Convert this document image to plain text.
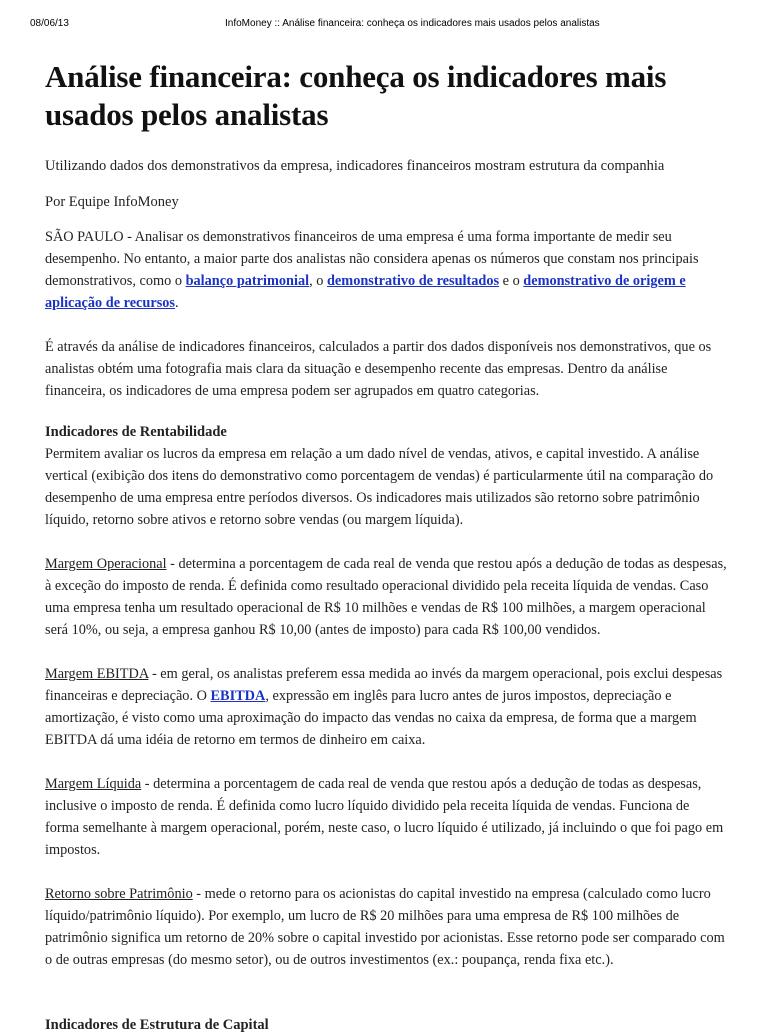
08/06/13	InfoMoney :: Análise financeira: conheça os indicadores mais usados pelos analistas
Análise financeira: conheça os indicadores mais usados pelos analistas

Utilizando dados dos demonstrativos da empresa, indicadores financeiros mostram estrutura da companhia

Por Equipe InfoMoney

SÃO PAULO - Analisar os demonstrativos financeiros de uma empresa é uma forma importante de medir seu desempenho. No entanto, a maior parte dos analistas não considera apenas os números que constam nos principais demonstrativos, como o balanço patrimonial, o demonstrativo de resultados e o demonstrativo de origem e aplicação de recursos.

É através da análise de indicadores financeiros, calculados a partir dos dados disponíveis nos demonstrativos, que os analistas obtém uma fotografia mais clara da situação e desempenho recente das empresas. Dentro da análise financeira, os indicadores de uma empresa podem ser agrupados em quatro categorias.

Indicadores de Rentabilidade

Permitem avaliar os lucros da empresa em relação a um dado nível de vendas, ativos, e capital investido. A análise vertical (exibição dos itens do demonstrativo como porcentagem de vendas) é particularmente útil na comparação do desempenho de uma empresa entre períodos diversos. Os indicadores mais utilizados são retorno sobre patrimônio líquido, retorno sobre ativos e retorno sobre vendas (ou margem líquida).

Margem Operacional - determina a porcentagem de cada real de venda que restou após a dedução de todas as despesas, à exceção do imposto de renda. É definida como resultado operacional dividido pela receita líquida de vendas. Caso uma empresa tenha um resultado operacional de R$ 10 milhões e vendas de R$ 100 milhões, a margem operacional será 10%, ou seja, a empresa ganhou R$ 10,00 (antes de imposto) para cada R$ 100,00 vendidos.

Margem EBITDA - em geral, os analistas preferem essa medida ao invés da margem operacional, pois exclui despesas financeiras e depreciação. O EBITDA, expressão em inglês para lucro antes de juros impostos, depreciação e amortização, é visto como uma aproximação do impacto das vendas no caixa da empresa, de forma que a margem EBITDA dá uma idéia de retorno em termos de dinheiro em caixa.

Margem Líquida - determina a porcentagem de cada real de venda que restou após a dedução de todas as despesas, inclusive o imposto de renda. É definida como lucro líquido dividido pela receita líquida de vendas. Funciona de forma semelhante à margem operacional, porém, neste caso, o lucro líquido é utilizado, já incluindo o que foi pago em impostos.

Retorno sobre Patrimônio - mede o retorno para os acionistas do capital investido na empresa (calculado como lucro líquido/patrimônio líquido). Por exemplo, um lucro de R$ 20 milhões para uma empresa de R$ 100 milhões de patrimônio significa um retorno de 20% sobre o capital investido por acionistas. Esse retorno pode ser comparado com o de outras empresas (do mesmo setor), ou de outros investimentos (ex.: poupança, renda fixa etc.).

Indicadores de Estrutura de Capital
